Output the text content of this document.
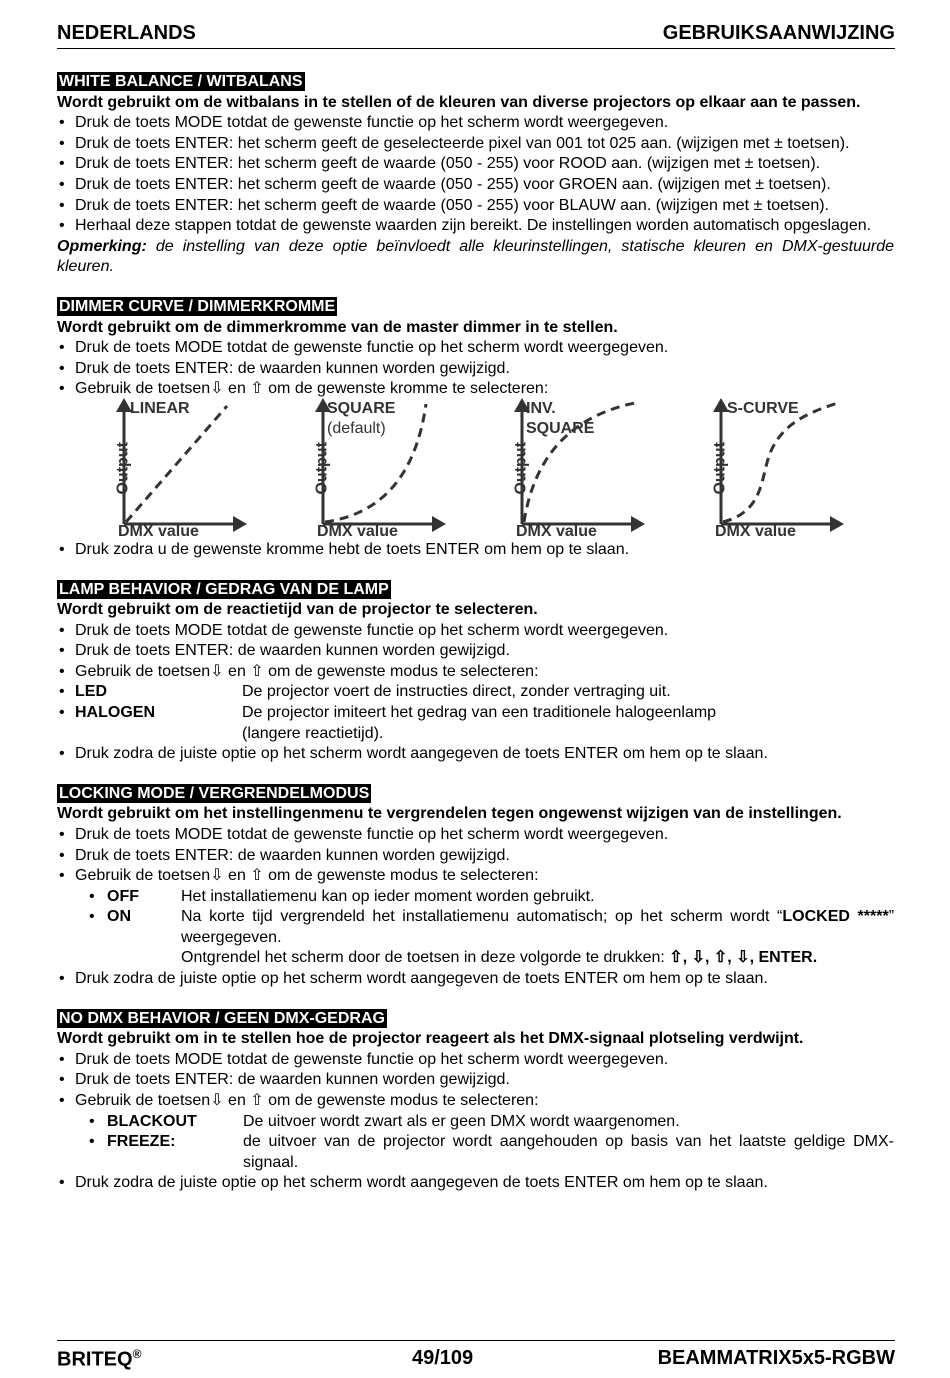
NEDERLANDS	GEBRUIKSAANWIJZING
WHITE BALANCE / WITBALANS
Wordt gebruikt om de witbalans in te stellen of de kleuren van diverse projectors op elkaar aan te passen.
• Druk de toets MODE totdat de gewenste functie op het scherm wordt weergegeven.
• Druk de toets ENTER: het scherm geeft de geselecteerde pixel van 001 tot 025 aan. (wijzigen met ± toetsen).
• Druk de toets ENTER: het scherm geeft de waarde (050 - 255) voor ROOD aan. (wijzigen met ± toetsen).
• Druk de toets ENTER: het scherm geeft de waarde (050 - 255) voor GROEN aan. (wijzigen met ± toetsen).
• Druk de toets ENTER: het scherm geeft de waarde (050 - 255) voor BLAUW aan. (wijzigen met ± toetsen).
• Herhaal deze stappen totdat de gewenste waarden zijn bereikt. De instellingen worden automatisch opgeslagen.
Opmerking: de instelling van deze optie beïnvloedt alle kleurinstellingen, statische kleuren en DMX-gestuurde kleuren.
DIMMER CURVE / DIMMERKROMME
Wordt gebruikt om de dimmerkromme van de master dimmer in te stellen.
• Druk de toets MODE totdat de gewenste functie op het scherm wordt weergegeven.
• Druk de toets ENTER: de waarden kunnen worden gewijzigd.
• Gebruik de toetsen⇩ en ⇧ om de gewenste kromme te selecteren:
LINEAR
Output
DMX value
SQUARE
(default)
Output
DMX value
INV.
SQUARE
Output
DMX value
S-CURVE
Output
DMX value
• Druk zodra u de gewenste kromme hebt de toets ENTER om hem op te slaan.
LAMP BEHAVIOR / GEDRAG VAN DE LAMP
Wordt gebruikt om de reactietijd van de projector te selecteren.
• Druk de toets MODE totdat de gewenste functie op het scherm wordt weergegeven.
• Druk de toets ENTER: de waarden kunnen worden gewijzigd.
• Gebruik de toetsen⇩ en ⇧ om de gewenste modus te selecteren:
• LED	De projector voert de instructies direct, zonder vertraging uit.
• HALOGEN	De projector imiteert het gedrag van een traditionele halogeenlamp
(langere reactietijd).
• Druk zodra de juiste optie op het scherm wordt aangegeven de toets ENTER om hem op te slaan.
LOCKING MODE / VERGRENDELMODUS
Wordt gebruikt om het instellingenmenu te vergrendelen tegen ongewenst wijzigen van de instellingen.
• Druk de toets MODE totdat de gewenste functie op het scherm wordt weergegeven.
• Druk de toets ENTER: de waarden kunnen worden gewijzigd.
• Gebruik de toetsen⇩ en ⇧ om de gewenste modus te selecteren:
• OFF	Het installatiemenu kan op ieder moment worden gebruikt.
• ON	Na korte tijd vergrendeld het installatiemenu automatisch; op het scherm wordt “LOCKED *****” weergegeven.
Ontgrendel het scherm door de toetsen in deze volgorde te drukken: ⇧, ⇩, ⇧, ⇩, ENTER.
• Druk zodra de juiste optie op het scherm wordt aangegeven de toets ENTER om hem op te slaan.
NO DMX BEHAVIOR / GEEN DMX-GEDRAG
Wordt gebruikt om in te stellen hoe de projector reageert als het DMX-signaal plotseling verdwijnt.
• Druk de toets MODE totdat de gewenste functie op het scherm wordt weergegeven.
• Druk de toets ENTER: de waarden kunnen worden gewijzigd.
• Gebruik de toetsen⇩ en ⇧ om de gewenste modus te selecteren:
• BLACKOUT	De uitvoer wordt zwart als er geen DMX wordt waargenomen.
• FREEZE:	de uitvoer van de projector wordt aangehouden op basis van het laatste geldige DMX-signaal.
• Druk zodra de juiste optie op het scherm wordt aangegeven de toets ENTER om hem op te slaan.
BRITEQ®	49/109	BEAMMATRIX5x5-RGBW
